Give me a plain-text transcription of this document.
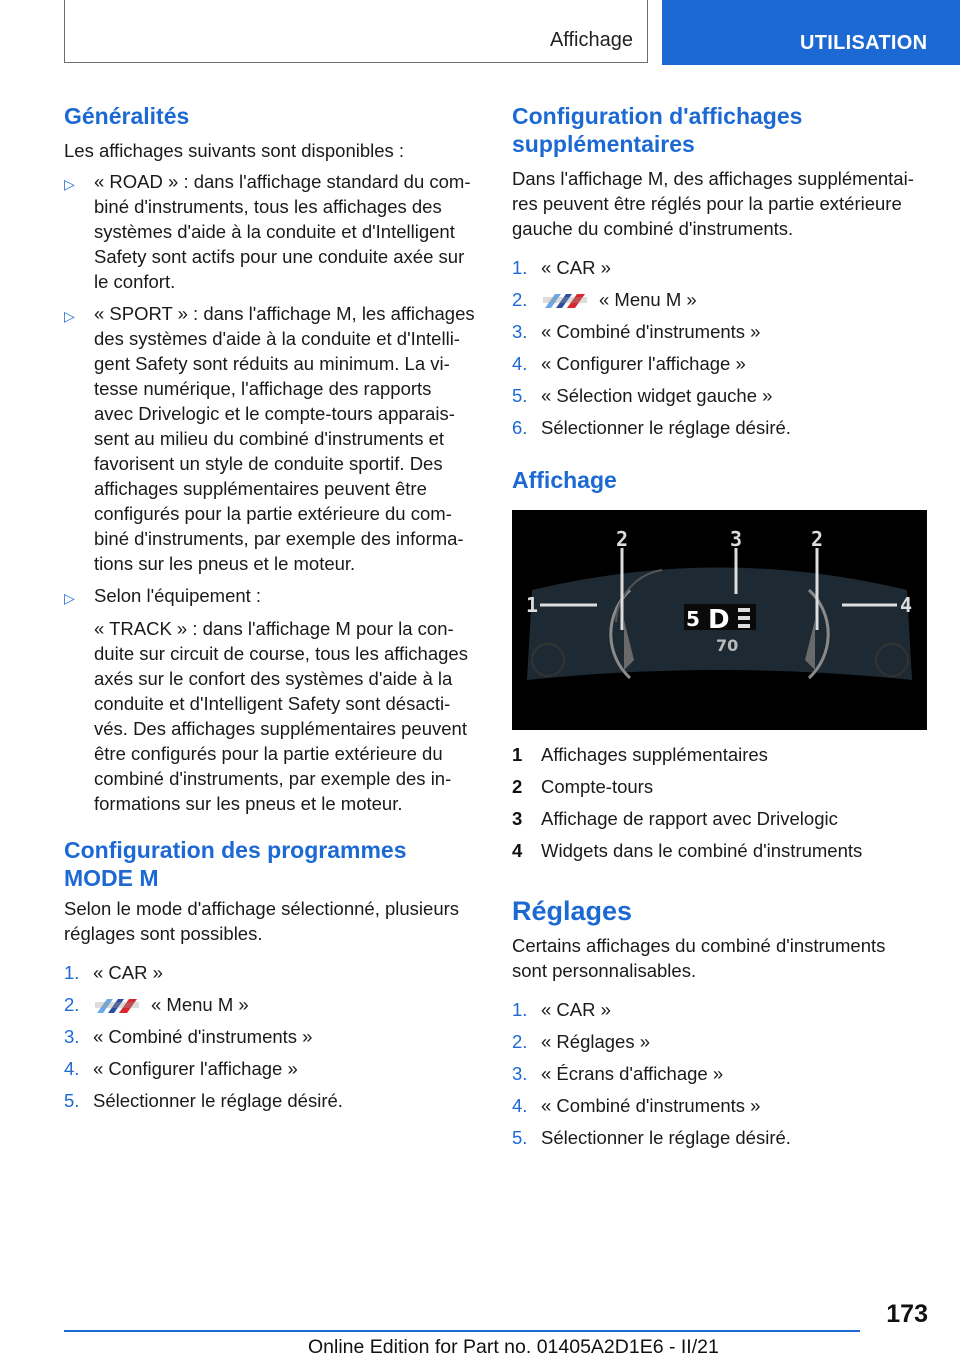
Affichage	UTILISATION
Généralités

Les affichages suivants sont disponibles :

▷ « ROAD » : dans l'affichage standard du com-
biné d'instruments, tous les affichages des
systèmes d'aide à la conduite et d'Intelligent
Safety sont actifs pour une conduite axée sur
le confort.
▷ « SPORT » : dans l'affichage M, les affichages
des systèmes d'aide à la conduite et d'Intelli-
gent Safety sont réduits au minimum. La vi-
tesse numérique, l'affichage des rapports
avec Drivelogic et le compte-tours apparais-
sent au milieu du combiné d'instruments et
favorisent un style de conduite sportif. Des
affichages supplémentaires peuvent être
configurés pour la partie extérieure du com-
biné d'instruments, par exemple des informa-
tions sur les pneus et le moteur.
▷ Selon l'équipement :
« TRACK » : dans l'affichage M pour la con-
duite sur circuit de course, tous les affichages
axés sur le confort des systèmes d'aide à la
conduite et d'Intelligent Safety sont désacti-
vés. Des affichages supplémentaires peuvent
être configurés pour la partie extérieure du
combiné d'instruments, par exemple des in-
formations sur les pneus et le moteur.
Configuration des programmes
MODE M

Selon le mode d'affichage sélectionné, plusieurs
réglages sont possibles.

1. « CAR »
2.	« Menu M »
3. « Combiné d'instruments »
4. « Configurer l'affichage »
5. Sélectionner le réglage désiré.
Configuration d'affichages
supplémentaires

Dans l'affichage M, des affichages supplémentai-
res peuvent être réglés pour la partie extérieure
gauche du combiné d'instruments.

1. « CAR »
2.	« Menu M »
3. « Combiné d'instruments »
4. « Configurer l'affichage »
5. « Sélection widget gauche »
6. Sélectionner le réglage désiré.
Affichage
5 D
70
2	3	2
1	4
1 Affichages supplémentaires
2 Compte-tours
3 Affichage de rapport avec Drivelogic
4 Widgets dans le combiné d'instruments
Réglages

Certains affichages du combiné d'instruments
sont personnalisables.

1. « CAR »
2. « Réglages »
3. « Écrans d'affichage »
4. « Combiné d'instruments »
5. Sélectionner le réglage désiré.
173
Online Edition for Part no. 01405A2D1E6 - II/21
